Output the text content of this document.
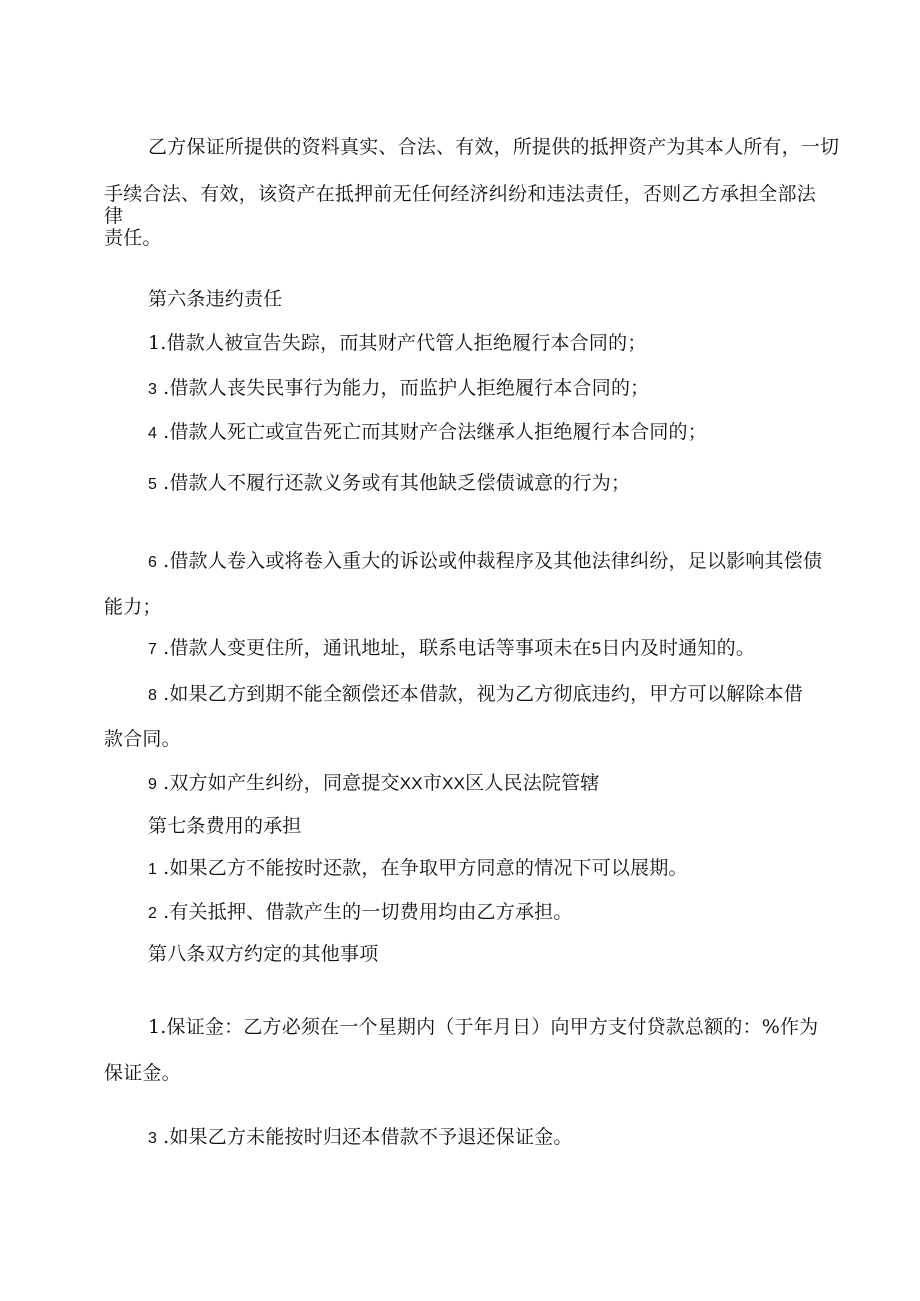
乙方保证所提供的资料真实、合法、有效，所提供的抵押资产为其本人所有，一切
手续合法、有效，该资产在抵押前无任何经济纠纷和违法责任，否则乙方承担全部法律
责任。
第六条违约责任
1.借款人被宣告失踪，而其财产代管人拒绝履行本合同的；
3 .借款人丧失民事行为能力，而监护人拒绝履行本合同的；
4 .借款人死亡或宣告死亡而其财产合法继承人拒绝履行本合同的；
5 .借款人不履行还款义务或有其他缺乏偿债诚意的行为；
6 .借款人卷入或将卷入重大的诉讼或仲裁程序及其他法律纠纷，足以影响其偿债
能力；
7 .借款人变更住所，通讯地址，联系电话等事项未在5日内及时通知的。
8 .如果乙方到期不能全额偿还本借款，视为乙方彻底违约，甲方可以解除本借
款合同。
9 .双方如产生纠纷，同意提交XX市XX区人民法院管辖
第七条费用的承担
1 .如果乙方不能按时还款，在争取甲方同意的情况下可以展期。
2 .有关抵押、借款产生的一切费用均由乙方承担。
第八条双方约定的其他事项
1.保证金：乙方必须在一个星期内（于年月日）向甲方支付贷款总额的：%作为
保证金。
3 .如果乙方未能按时归还本借款不予退还保证金。
